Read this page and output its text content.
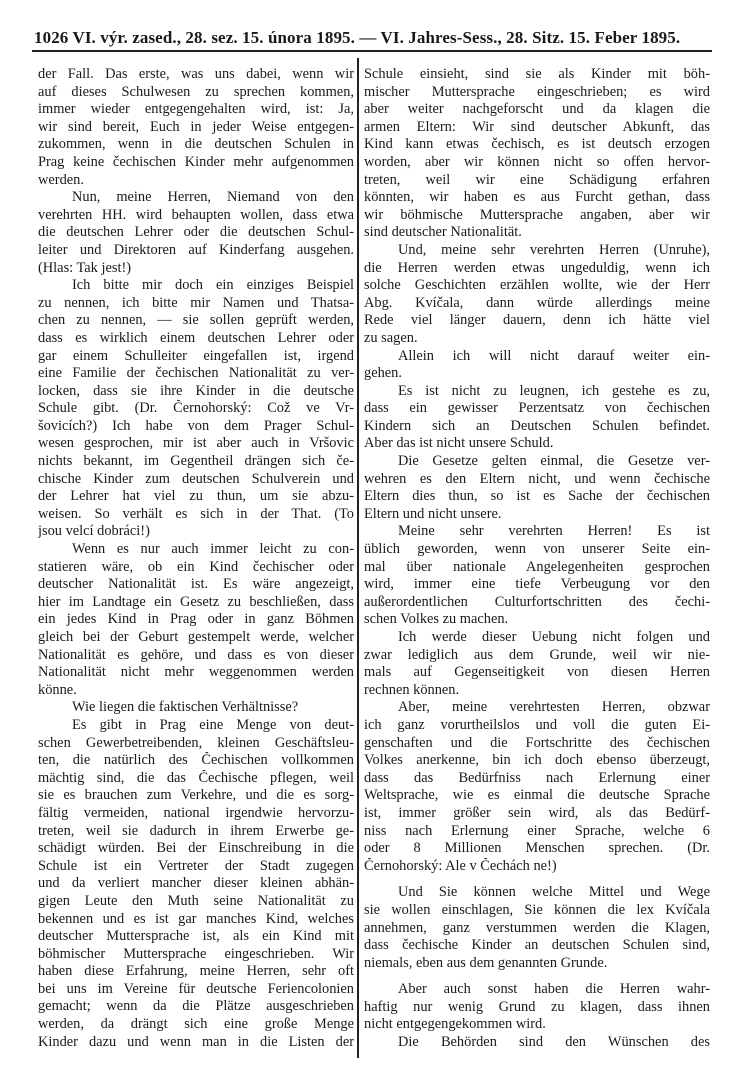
1026 VI. výr. zased., 28. sez. 15. února 1895. — VI. Jahres-Sess., 28. Sitz. 15. Feber 1895.
der Fall. Das erste, was uns dabei, wenn wir
auf dieses Schulwesen zu sprechen kommen,
immer wieder entgegengehalten wird, ist: Ja,
wir sind bereit, Euch in jeder Weise entgegen-
zukommen, wenn in die deutschen Schulen in
Prag keine čechischen Kinder mehr aufgenommen
werden.
Nun, meine Herren, Niemand von den
verehrten HH. wird behaupten wollen, dass etwa
die deutschen Lehrer oder die deutschen Schul-
leiter und Direktoren auf Kinderfang ausgehen.
(Hlas: Tak jest!)
Ich bitte mir doch ein einziges Beispiel
zu nennen, ich bitte mir Namen und Thatsa-
chen zu nennen, — sie sollen geprüft werden,
dass es wirklich einem deutschen Lehrer oder
gar einem Schulleiter eingefallen ist, irgend
eine Familie der čechischen Nationalität zu ver-
locken, dass sie ihre Kinder in die deutsche
Schule gibt. (Dr. Černohorský: Což ve Vr-
šovicích?) Ich habe von dem Prager Schul-
wesen gesprochen, mir ist aber auch in Vršovic
nichts bekannt, im Gegentheil drängen sich če-
chische Kinder zum deutschen Schulverein und
der Lehrer hat viel zu thun, um sie abzu-
weisen. So verhält es sich in der That. (To
jsou velcí dobráci!)
Wenn es nur auch immer leicht zu con-
statieren wäre, ob ein Kind čechischer oder
deutscher Nationalität ist. Es wäre angezeigt,
hier im Landtage ein Gesetz zu beschließen, dass
ein jedes Kind in Prag oder in ganz Böhmen
gleich bei der Geburt gestempelt werde, welcher
Nationalität es gehöre, und dass es von dieser
Nationalität nicht mehr weggenommen werden
könne.
Wie liegen die faktischen Verhältnisse?
Es gibt in Prag eine Menge von deut-
schen Gewerbetreibenden, kleinen Geschäftsleu-
ten, die natürlich des Čechischen vollkommen
mächtig sind, die das Čechische pflegen, weil
sie es brauchen zum Verkehre, und die es sorg-
fältig vermeiden, national irgendwie hervorzu-
treten, weil sie dadurch in ihrem Erwerbe ge-
schädigt würden. Bei der Einschreibung in die
Schule ist ein Vertreter der Stadt zugegen
und da verliert mancher dieser kleinen abhän-
gigen Leute den Muth seine Nationalität zu
bekennen und es ist gar manches Kind, welches
deutscher Muttersprache ist, als ein Kind mit
böhmischer Muttersprache eingeschrieben. Wir
haben diese Erfahrung, meine Herren, sehr oft
bei uns im Vereine für deutsche Feriencolonien
gemacht; wenn da die Plätze ausgeschrieben
werden, da drängt sich eine große Menge
Kinder dazu und wenn man in die Listen der
Schule einsieht, sind sie als Kinder mit böh-
mischer Muttersprache eingeschrieben; es wird
aber weiter nachgeforscht und da klagen die
armen Eltern: Wir sind deutscher Abkunft, das
Kind kann etwas čechisch, es ist deutsch erzogen
worden, aber wir können nicht so offen hervor-
treten, weil wir eine Schädigung erfahren
könnten, wir haben es aus Furcht gethan, dass
wir böhmische Muttersprache angaben, aber wir
sind deutscher Nationalität.
Und, meine sehr verehrten Herren (Unruhe),
die Herren werden etwas ungeduldig, wenn ich
solche Geschichten erzählen wollte, wie der Herr
Abg. Kvíčala, dann würde allerdings meine
Rede viel länger dauern, denn ich hätte viel
zu sagen.
Allein ich will nicht darauf weiter ein-
gehen.
Es ist nicht zu leugnen, ich gestehe es zu,
dass ein gewisser Perzentsatz von čechischen
Kindern sich an Deutschen Schulen befindet.
Aber das ist nicht unsere Schuld.
Die Gesetze gelten einmal, die Gesetze ver-
wehren es den Eltern nicht, und wenn čechische
Eltern dies thun, so ist es Sache der čechischen
Eltern und nicht unsere.
Meine sehr verehrten Herren! Es ist
üblich geworden, wenn von unserer Seite ein-
mal über nationale Angelegenheiten gesprochen
wird, immer eine tiefe Verbeugung vor den
außerordentlichen Culturfortschritten des čechi-
schen Volkes zu machen.
Ich werde dieser Uebung nicht folgen und
zwar lediglich aus dem Grunde, weil wir nie-
mals auf Gegenseitigkeit von diesen Herren
rechnen können.
Aber, meine verehrtesten Herren, obzwar
ich ganz vorurtheilslos und voll die guten Ei-
genschaften und die Fortschritte des čechischen
Volkes anerkenne, bin ich doch ebenso überzeugt,
dass das Bedürfniss nach Erlernung einer
Weltsprache, wie es einmal die deutsche Sprache
ist, immer größer sein wird, als das Bedürf-
niss nach Erlernung einer Sprache, welche 6
oder 8 Millionen Menschen sprechen. (Dr.
Černohorský: Ale v Čechách ne!)
Und Sie können welche Mittel und Wege
sie wollen einschlagen, Sie können die lex Kvíčala
annehmen, ganz verstummen werden die Klagen,
dass čechische Kinder an deutschen Schulen sind,
niemals, eben aus dem genannten Grunde.
Aber auch sonst haben die Herren wahr-
haftig nur wenig Grund zu klagen, dass ihnen
nicht entgegengekommen wird.
Die Behörden sind den Wünschen des
